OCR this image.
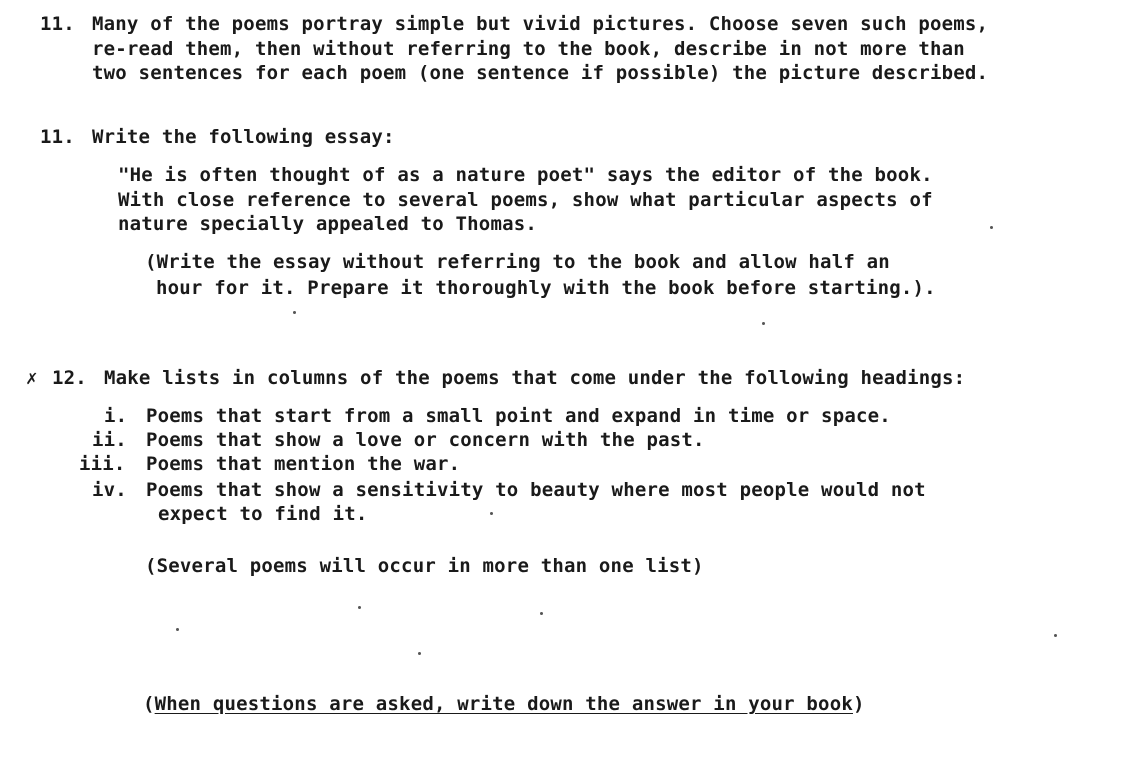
11. Many of the poems portray simple but vivid pictures. Choose seven such poems,
re-read them, then without referring to the book, describe in not more than
two sentences for each poem (one sentence if possible) the picture described.
11. Write the following essay:
"He is often thought of as a nature poet" says the editor of the book.
With close reference to several poems, show what particular aspects of
nature specially appealed to Thomas.
(Write the essay without referring to the book and allow half an
hour for it. Prepare it thoroughly with the book before starting.).
✗ 12. Make lists in columns of the poems that come under the following headings:
i. Poems that start from a small point and expand in time or space.
ii. Poems that show a love or concern with the past.
iii. Poems that mention the war.
iv. Poems that show a sensitivity to beauty where most people would not
expect to find it.
(Several poems will occur in more than one list)
(When questions are asked, write down the answer in your book)
